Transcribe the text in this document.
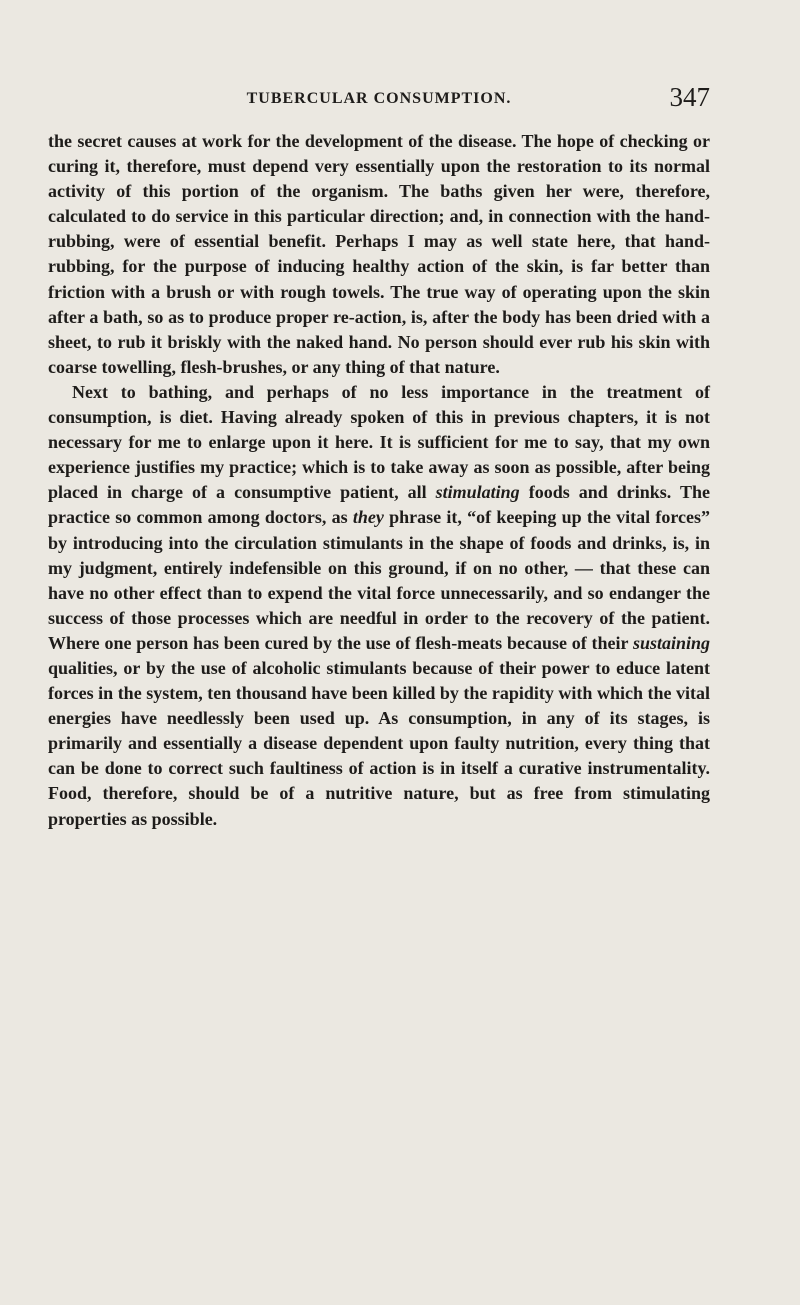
TUBERCULAR CONSUMPTION.	347

the secret causes at work for the development of the disease. The hope of checking or curing it, therefore, must depend very essentially upon the restoration to its normal activity of this portion of the organism. The baths given her were, therefore, calculated to do service in this particular direction; and, in connection with the hand-rubbing, were of essential benefit. Perhaps I may as well state here, that hand-rubbing, for the purpose of inducing healthy action of the skin, is far better than friction with a brush or with rough towels. The true way of operating upon the skin after a bath, so as to produce proper re-action, is, after the body has been dried with a sheet, to rub it briskly with the naked hand. No person should ever rub his skin with coarse towelling, flesh-brushes, or any thing of that nature.

Next to bathing, and perhaps of no less importance in the treatment of consumption, is diet. Having already spoken of this in previous chapters, it is not necessary for me to enlarge upon it here. It is sufficient for me to say, that my own experience justifies my practice; which is to take away as soon as possible, after being placed in charge of a consumptive patient, all stimulating foods and drinks. The practice so common among doctors, as they phrase it, “of keeping up the vital forces” by introducing into the circulation stimulants in the shape of foods and drinks, is, in my judgment, entirely indefensible on this ground, if on no other, — that these can have no other effect than to expend the vital force unnecessarily, and so endanger the success of those processes which are needful in order to the recovery of the patient. Where one person has been cured by the use of flesh-meats because of their sustaining qualities, or by the use of alcoholic stimulants because of their power to educe latent forces in the system, ten thousand have been killed by the rapidity with which the vital energies have needlessly been used up. As consumption, in any of its stages, is primarily and essentially a disease dependent upon faulty nutrition, every thing that can be done to correct such faultiness of action is in itself a curative instrumentality. Food, therefore, should be of a nutritive nature, but as free from stimulating properties as possible.
